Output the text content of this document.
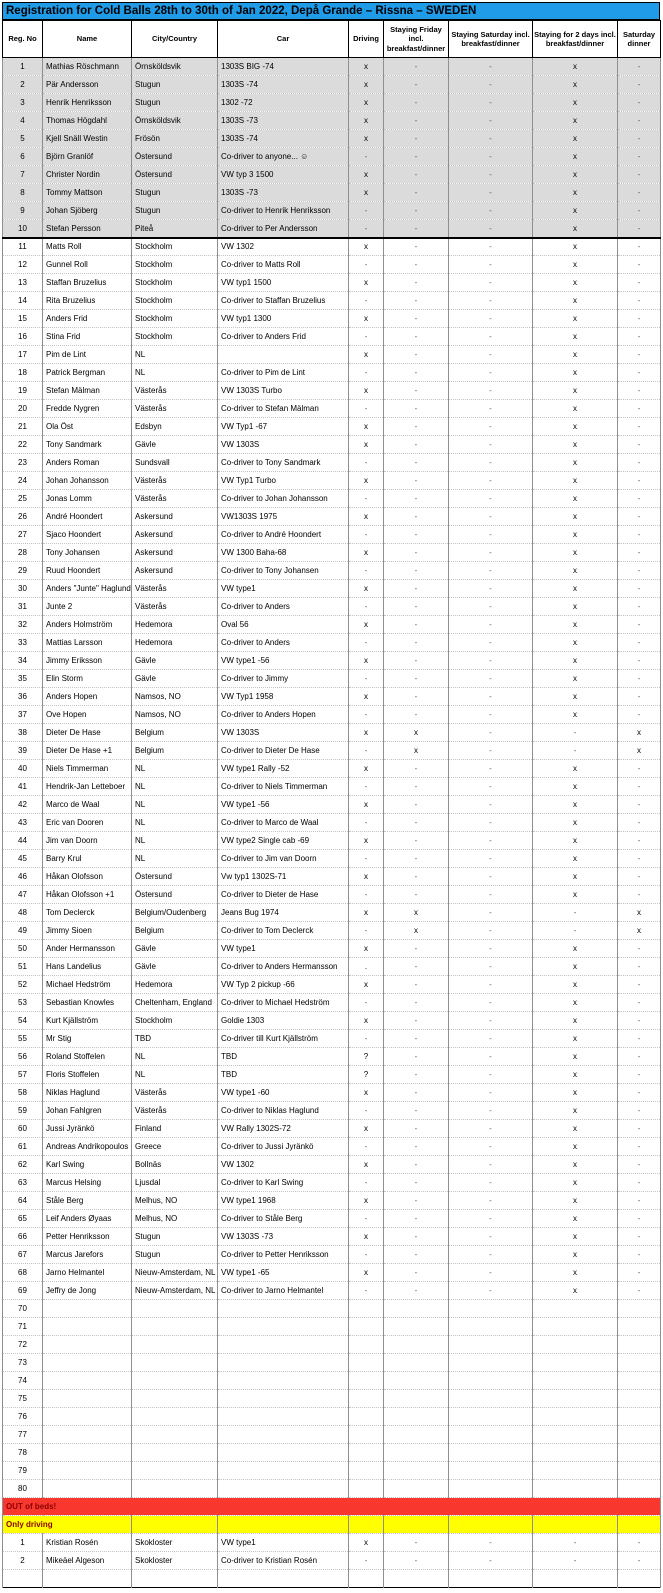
Registration for Cold Balls 28th to 30th of Jan 2022, Depå Grande – Rissna – SWEDEN
Reg. No	Name	City/Country	Car	Driving	Staying Friday incl. breakfast/dinner	Staying Saturday incl. breakfast/dinner	Staying for 2 days incl. breakfast/dinner	Saturday dinner
1	Mathias Röschmann	Örnsköldsvik	1303S BIG -74	x	-	-	x	-
2	Pär Andersson	Stugun	1303S -74	x	-	-	x	-
3	Henrik Henriksson	Stugun	1302 -72	x	-	-	x	-
4	Thomas Högdahl	Örnsköldsvik	1303S -73	x	-	-	x	-
5	Kjell Snäll Westin	Frösön	1303S -74	x	-	-	x	-
6	Björn Granlöf	Östersund	Co-driver to anyone... ☺	-	-	-	x	-
7	Christer Nordin	Östersund	VW typ 3 1500	x	-	-	x	-
8	Tommy Mattson	Stugun	1303S -73	x	-	-	x	-
9	Johan Sjöberg	Stugun	Co-driver to Henrik Henriksson	-	-	-	x	-
10	Stefan Persson	Piteå	Co-driver to Per Andersson	-	-	-	x	-
11	Matts Roll	Stockholm	VW 1302	x	-	-	x	-
12	Gunnel Roll	Stockholm	Co-driver to Matts Roll	-	-	-	x	-
13	Staffan Bruzelius	Stockholm	VW typ1 1500	x	-	-	x	-
14	Rita Bruzelius	Stockholm	Co-driver to Staffan Bruzelius	-	-	-	x	-
15	Anders Frid	Stockholm	VW typ1 1300	x	-	-	x	-
16	Stina Frid	Stockholm	Co-driver to Anders Frid	-	-	-	x	-
17	Pim de Lint	NL		x	-	-	x	-
18	Patrick Bergman	NL	Co-driver to Pim de Lint	-	-	-	x	-
19	Stefan Mälman	Västerås	VW 1303S Turbo	x	-	-	x	-
20	Fredde Nygren	Västerås	Co-driver to Stefan Mälman	-	-	-	x	-
21	Ola Öst	Edsbyn	VW Typ1 -67	x	-	-	x	-
22	Tony Sandmark	Gävle	VW 1303S	x	-	-	x	-
23	Anders Roman	Sundsvall	Co-driver to Tony Sandmark	-	-	-	x	-
24	Johan Johansson	Västerås	VW Typ1 Turbo	x	-	-	x	-
25	Jonas Lomm	Västerås	Co-driver to Johan Johansson	-	-	-	x	-
26	André Hoondert	Askersund	VW1303S 1975	x	-	-	x	-
27	Sjaco Hoondert	Askersund	Co-driver to André Hoondert	-	-	-	x	-
28	Tony Johansen	Askersund	VW 1300 Baha-68	x	-	-	x	-
29	Ruud Hoondert	Askersund	Co-driver to Tony Johansen	-	-	-	x	-
30	Anders "Junte" Haglund	Västerås	VW type1	x	-	-	x	-
31	Junte 2	Västerås	Co-driver to Anders	-	-	-	x	-
32	Anders Holmström	Hedemora	Oval 56	x	-	-	x	-
33	Mattias Larsson	Hedemora	Co-driver to Anders	-	-	-	x	-
34	Jimmy Eriksson	Gävle	VW type1 -56	x	-	-	x	-
35	Elin Storm	Gävle	Co-driver to Jimmy	-	-	-	x	-
36	Anders Hopen	Namsos, NO	VW Typ1 1958	x	-	-	x	-
37	Ove Hopen	Namsos, NO	Co-driver to Anders Hopen	-	-	-	x	-
38	Dieter De Hase	Belgium	VW 1303S	x	x	-	-	x
39	Dieter De Hase +1	Belgium	Co-driver to Dieter De Hase	-	x	-	-	x
40	Niels Timmerman	NL	VW type1 Rally -52	x	-	-	x	-
41	Hendrik-Jan Letteboer	NL	Co-driver to Niels Timmerman	-	-	-	x	-
42	Marco de Waal	NL	VW type1 -56	x	-	-	x	-
43	Eric van Dooren	NL	Co-driver to Marco de Waal	-	-	-	x	-
44	Jim van Doorn	NL	VW type2 Single cab -69	x	-	-	x	-
45	Barry Krul	NL	Co-driver to Jim van Doorn	-	-	-	x	-
46	Håkan Olofsson	Östersund	Vw typ1 1302S-71	x	-	-	x	-
47	Håkan Olofsson +1	Östersund	Co-driver to Dieter de Hase	-	-	-	x	-
48	Tom Declerck	Belgium/Oudenberg	Jeans Bug 1974	x	x	-	-	x
49	Jimmy Sioen	Belgium	Co-driver to Tom Declerck	-	x	-	-	x
50	Ander Hermansson	Gävle	VW type1	x	-	-	x	-
51	Hans Landelius	Gävle	Co-driver to Anders Hermansson	.	-	-	x	-
52	Michael Hedström	Hedemora	VW Typ 2 pickup -66	x	-	-	x	-
53	Sebastian Knowles	Cheltenham, England	Co-driver to Michael Hedström	-	-	-	x	-
54	Kurt Kjällström	Stockholm	Goldie 1303	x	-	-	x	-
55	Mr Stig	TBD	Co-driver till Kurt Kjällström	-	-	-	x	-
56	Roland Stoffelen	NL	TBD	?	-	-	x	-
57	Floris Stoffelen	NL	TBD	?	-	-	x	-
58	Niklas Haglund	Västerås	VW type1 -60	x	-	-	x	-
59	Johan Fahlgren	Västerås	Co-driver to Niklas Haglund	-	-	-	x	-
60	Jussi Jyränkö	Finland	VW Rally 1302S-72	x	-	-	x	-
61	Andreas Andrikopoulos	Greece	Co-driver to Jussi Jyränkö	-	-	-	x	-
62	Karl Swing	Bollnäs	VW 1302	x	-	-	x	-
63	Marcus Helsing	Ljusdal	Co-driver to Karl Swing	-	-	-	x	-
64	Ståle Berg	Melhus, NO	VW type1 1968	x	-	-	x	-
65	Leif Anders Øyaas	Melhus, NO	Co-driver to Ståle Berg	-	-	-	x	-
66	Petter Henriksson	Stugun	VW 1303S -73	x	-	-	x	-
67	Marcus Jarefors	Stugun	Co-driver to Petter Henriksson	-	-	-	x	-
68	Jarno Helmantel	Nieuw-Amsterdam, NL	VW type1 -65	x	-	-	x	-
69	Jeffry de Jong	Nieuw-Amsterdam, NL	Co-driver to Jarno Helmantel	-	-	-	x	-
70								
71								
72								
73								
74								
75								
76								
77								
78								
79								
80								
OUT of beds!								
Only driving								
1	Kristian Rosén	Skokloster	VW type1	x	-	-	-	-
2	Mikeäel Algeson	Skokloster	Co-driver to Kristian Rosén	-	-	-	-	-
